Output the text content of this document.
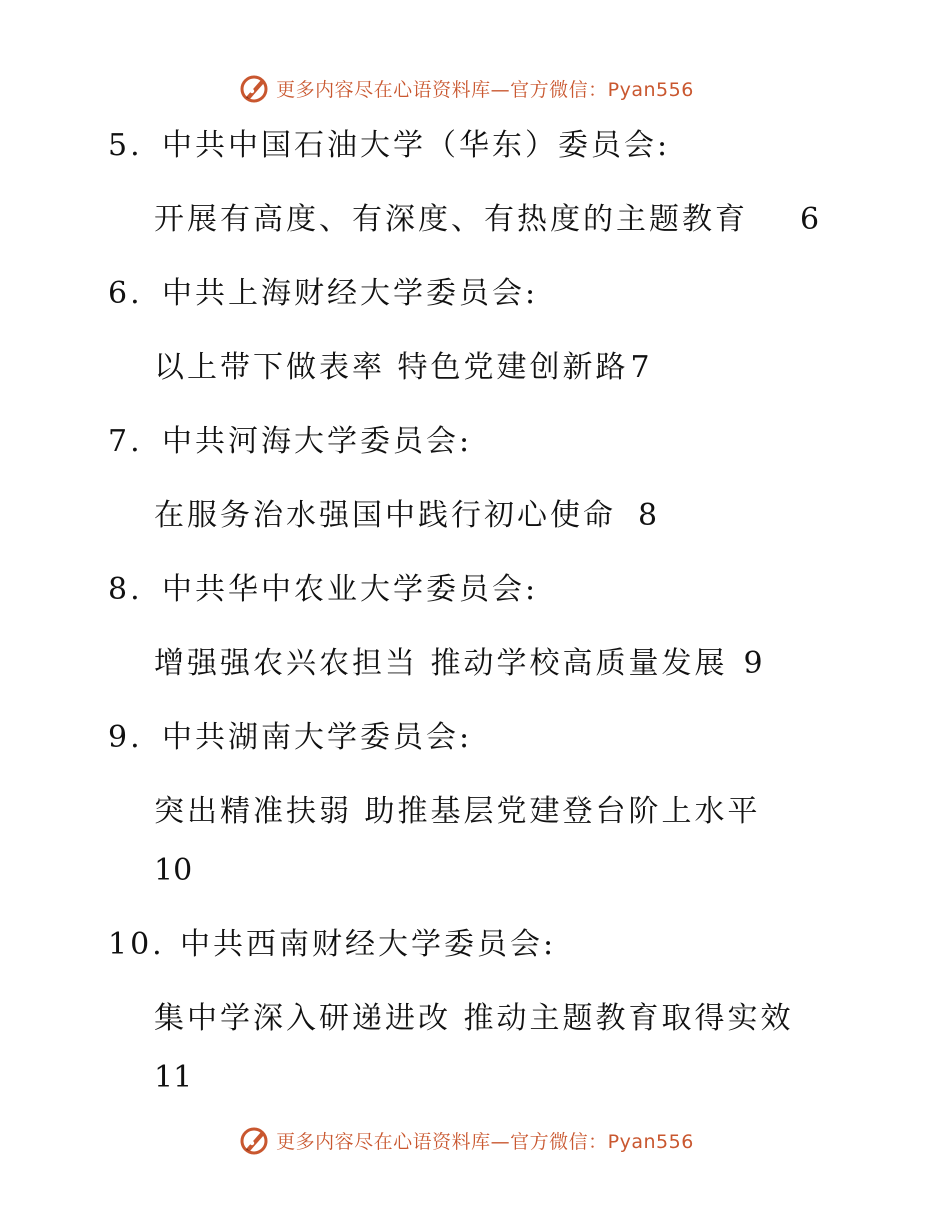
更多内容尽在心语资料库—官方微信：Pyan556
5. 中共中国石油大学（华东）委员会:
开展有高度、有深度、有热度的主题教育 6
6. 中共上海财经大学委员会:
以上带下做表率 特色党建创新路7
7. 中共河海大学委员会:
在服务治水强国中践行初心使命 8
8. 中共华中农业大学委员会:
增强强农兴农担当 推动学校高质量发展 9
9. 中共湖南大学委员会:
突出精准扶弱 助推基层党建登台阶上水平
10
10. 中共西南财经大学委员会:
集中学深入研递进改 推动主题教育取得实效
11
更多内容尽在心语资料库—官方微信：Pyan556
